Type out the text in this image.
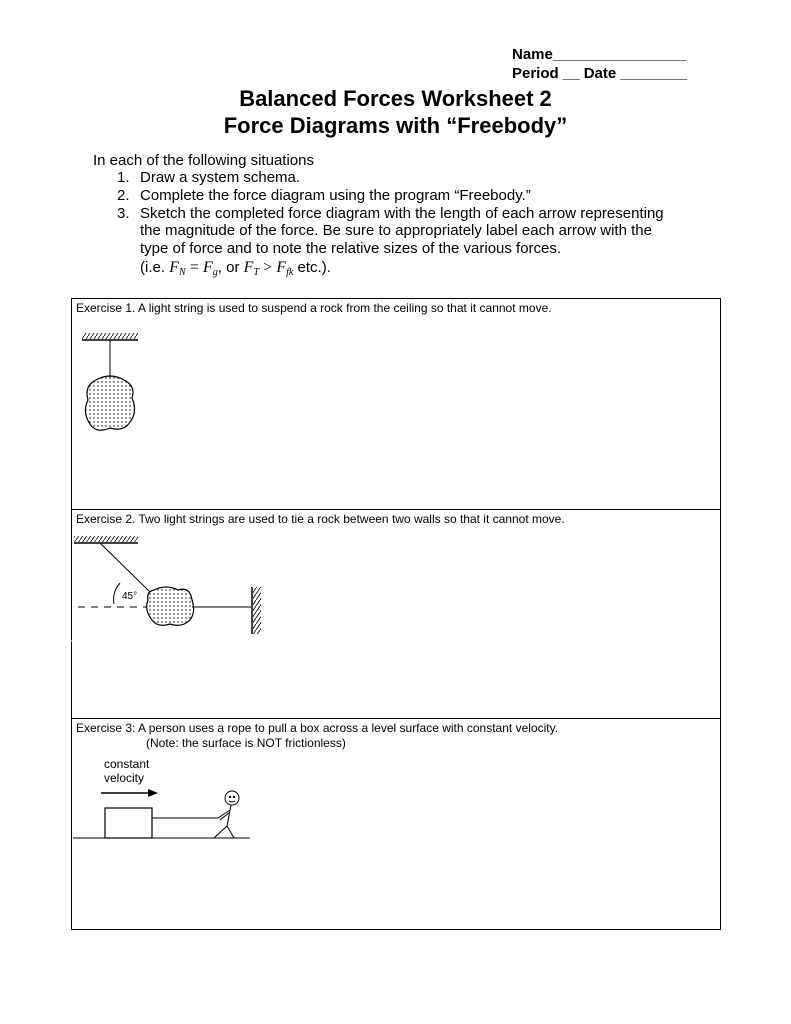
Name________________
Period __ Date ________
Balanced Forces Worksheet 2
Force Diagrams with “Freebody”
In each of the following situations
1. Draw a system schema.
2. Complete the force diagram using the program “Freebody.”
3. Sketch the completed force diagram with the length of each arrow representing
the magnitude of the force. Be sure to appropriately label each arrow with the
type of force and to note the relative sizes of the various forces.
(i.e. $F_N = F_g$, or $F_T > F_{fk}$ etc.).
Exercise 1. A light string is used to suspend a rock from the ceiling so that it cannot move.
Exercise 2. Two light strings are used to tie a rock between two walls so that it cannot move.
45°
Exercise 3: A person uses a rope to pull a box across a level surface with constant velocity.
(Note: the surface is NOT frictionless)
constant
velocity
